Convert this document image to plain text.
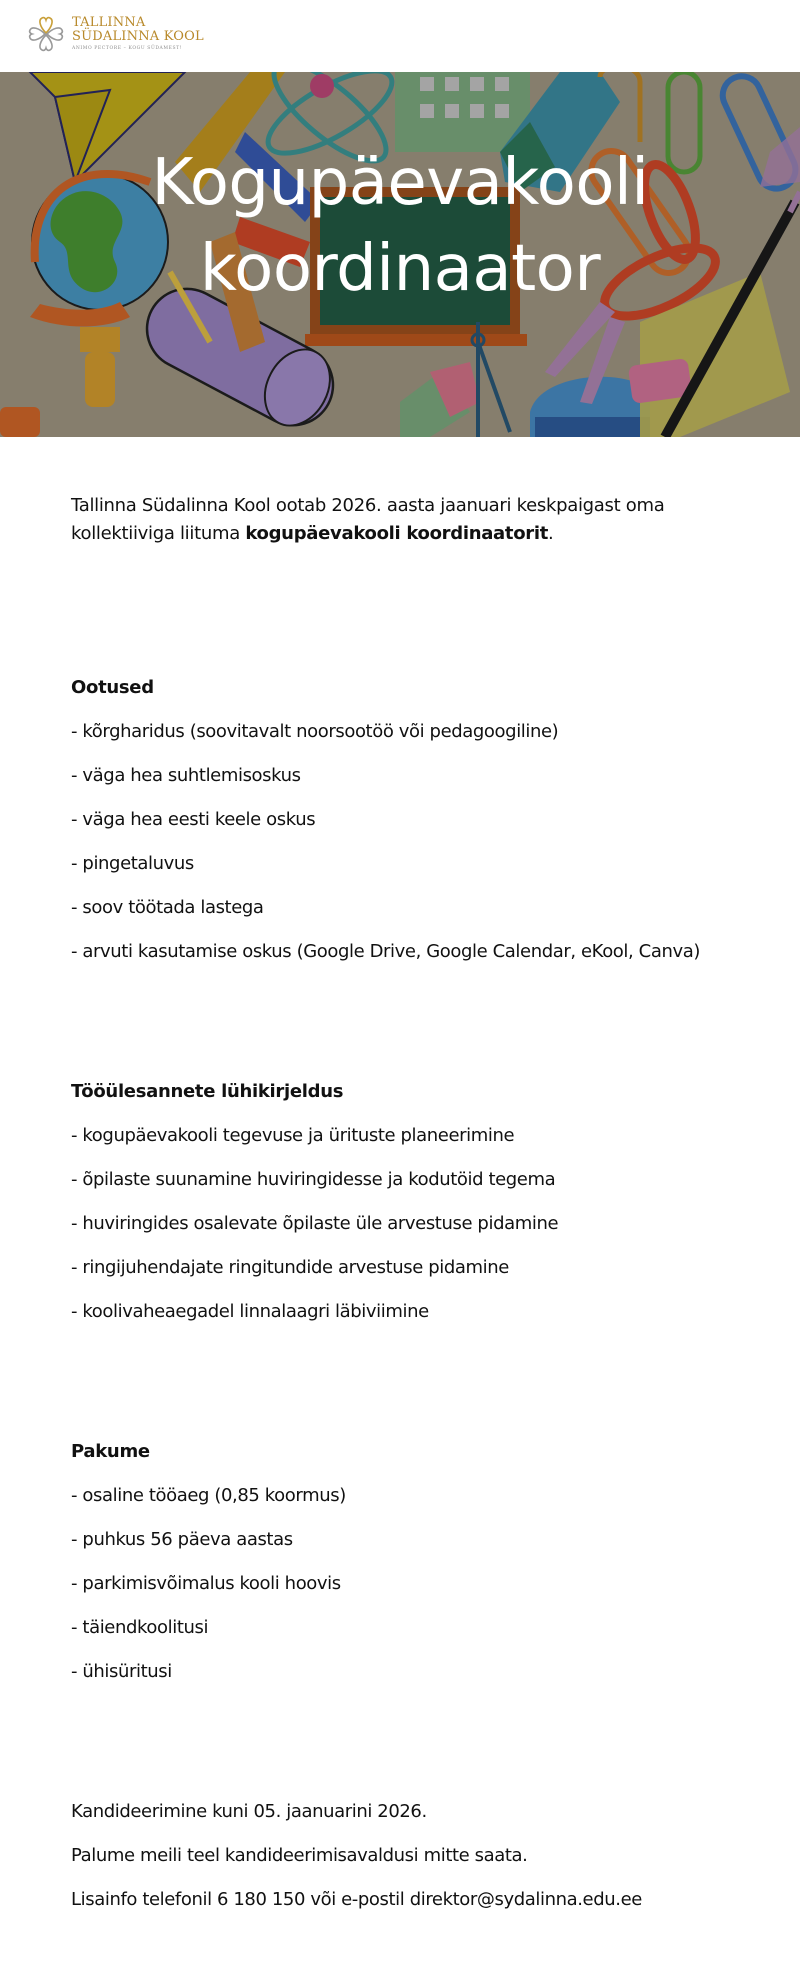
TALLINNA
SÜDALINNA KOOL
ANIMO PECTORE – KOGU SÜDAMEST!
Kogupäevakooli
koordinaator

Tallinna Südalinna Kool ootab 2026. aasta jaanuari keskpaigast oma kollektiiviga liituma kogupäevakooli koordinaatorit.

Ootused

- kõrgharidus (soovitavalt noorsootöö või pedagoogiline)

- väga hea suhtlemisoskus

- väga hea eesti keele oskus

- pingetaluvus

- soov töötada lastega

- arvuti kasutamise oskus (Google Drive, Google Calendar, eKool, Canva)

Tööülesannete lühikirjeldus

- kogupäevakooli tegevuse ja ürituste planeerimine

- õpilaste suunamine huviringidesse ja kodutöid tegema

- huviringides osalevate õpilaste üle arvestuse pidamine

- ringijuhendajate ringitundide arvestuse pidamine

- koolivaheaegadel linnalaagri läbiviimine

Pakume

- osaline tööaeg (0,85 koormus)

- puhkus 56 päeva aastas

- parkimisvõimalus kooli hoovis

- täiendkoolitusi

- ühisüritusi

Kandideerimine kuni 05. jaanuarini 2026.

Palume meili teel kandideerimisavaldusi mitte saata.

Lisainfo telefonil 6 180 150 või e-postil direktor@sydalinna.edu.ee
